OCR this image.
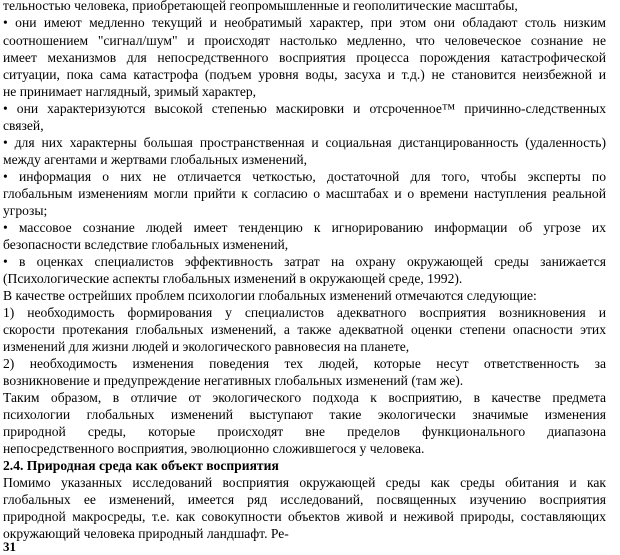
тельностью человека, приобретающей геопромышленные и геополитические масштабы,
• они имеют медленно текущий и необратимый характер, при этом они обладают столь низким
соотношением "сигнал/шум" и происходят настолько медленно, что человеческое сознание не
имеет механизмов для непосредственного восприятия процесса порождения катастрофической
ситуации, пока сама катастрофа (подъем уровня воды, засуха и т.д.) не становится неизбежной и
не принимает наглядный, зримый характер,
• они характеризуются высокой степенью маскировки и отсроченное™ причинно-следственных
связей,
• для них характерны большая пространственная и социальная дистанцированность (удаленность)
между агентами и жертвами глобальных изменений,
• информация о них не отличается четкостью, достаточной для того, чтобы эксперты по
глобальным изменениям могли прийти к согласию о масштабах и о времени наступления реальной
угрозы;
• массовое сознание людей имеет тенденцию к игнорированию информации об угрозе их
безопасности вследствие глобальных изменений,
• в оценках специалистов эффективность затрат на охрану окружающей среды занижается
(Психологические аспекты глобальных изменений в окружающей среде, 1992).
В качестве острейших проблем психологии глобальных изменений отмечаются следующие:
1) необходимость формирования у специалистов адекватного восприятия возникновения и
скорости протекания глобальных изменений, а также адекватной оценки степени опасности этих
изменений для жизни людей и экологического равновесия на планете,
2) необходимость изменения поведения тех людей, которые несут ответственность за
возникновение и предупреждение негативных глобальных изменений (там же).
Таким образом, в отличие от экологического подхода к восприятию, в качестве предмета
психологии глобальных изменений выступают такие экологически значимые изменения
природной среды, которые происходят вне пределов функционального диапазона
непосредственного восприятия, эволюционно сложившегося у человека.
2.4. Природная среда как объект восприятия
Помимо указанных исследований восприятия окружающей среды как среды обитания и как
глобальных ее изменений, имеется ряд исследований, посвященных изучению восприятия
природной макросреды, т.е. как совокупности объектов живой и неживой природы, составляющих
окружающий человека природный ландшафт. Ре-
31
